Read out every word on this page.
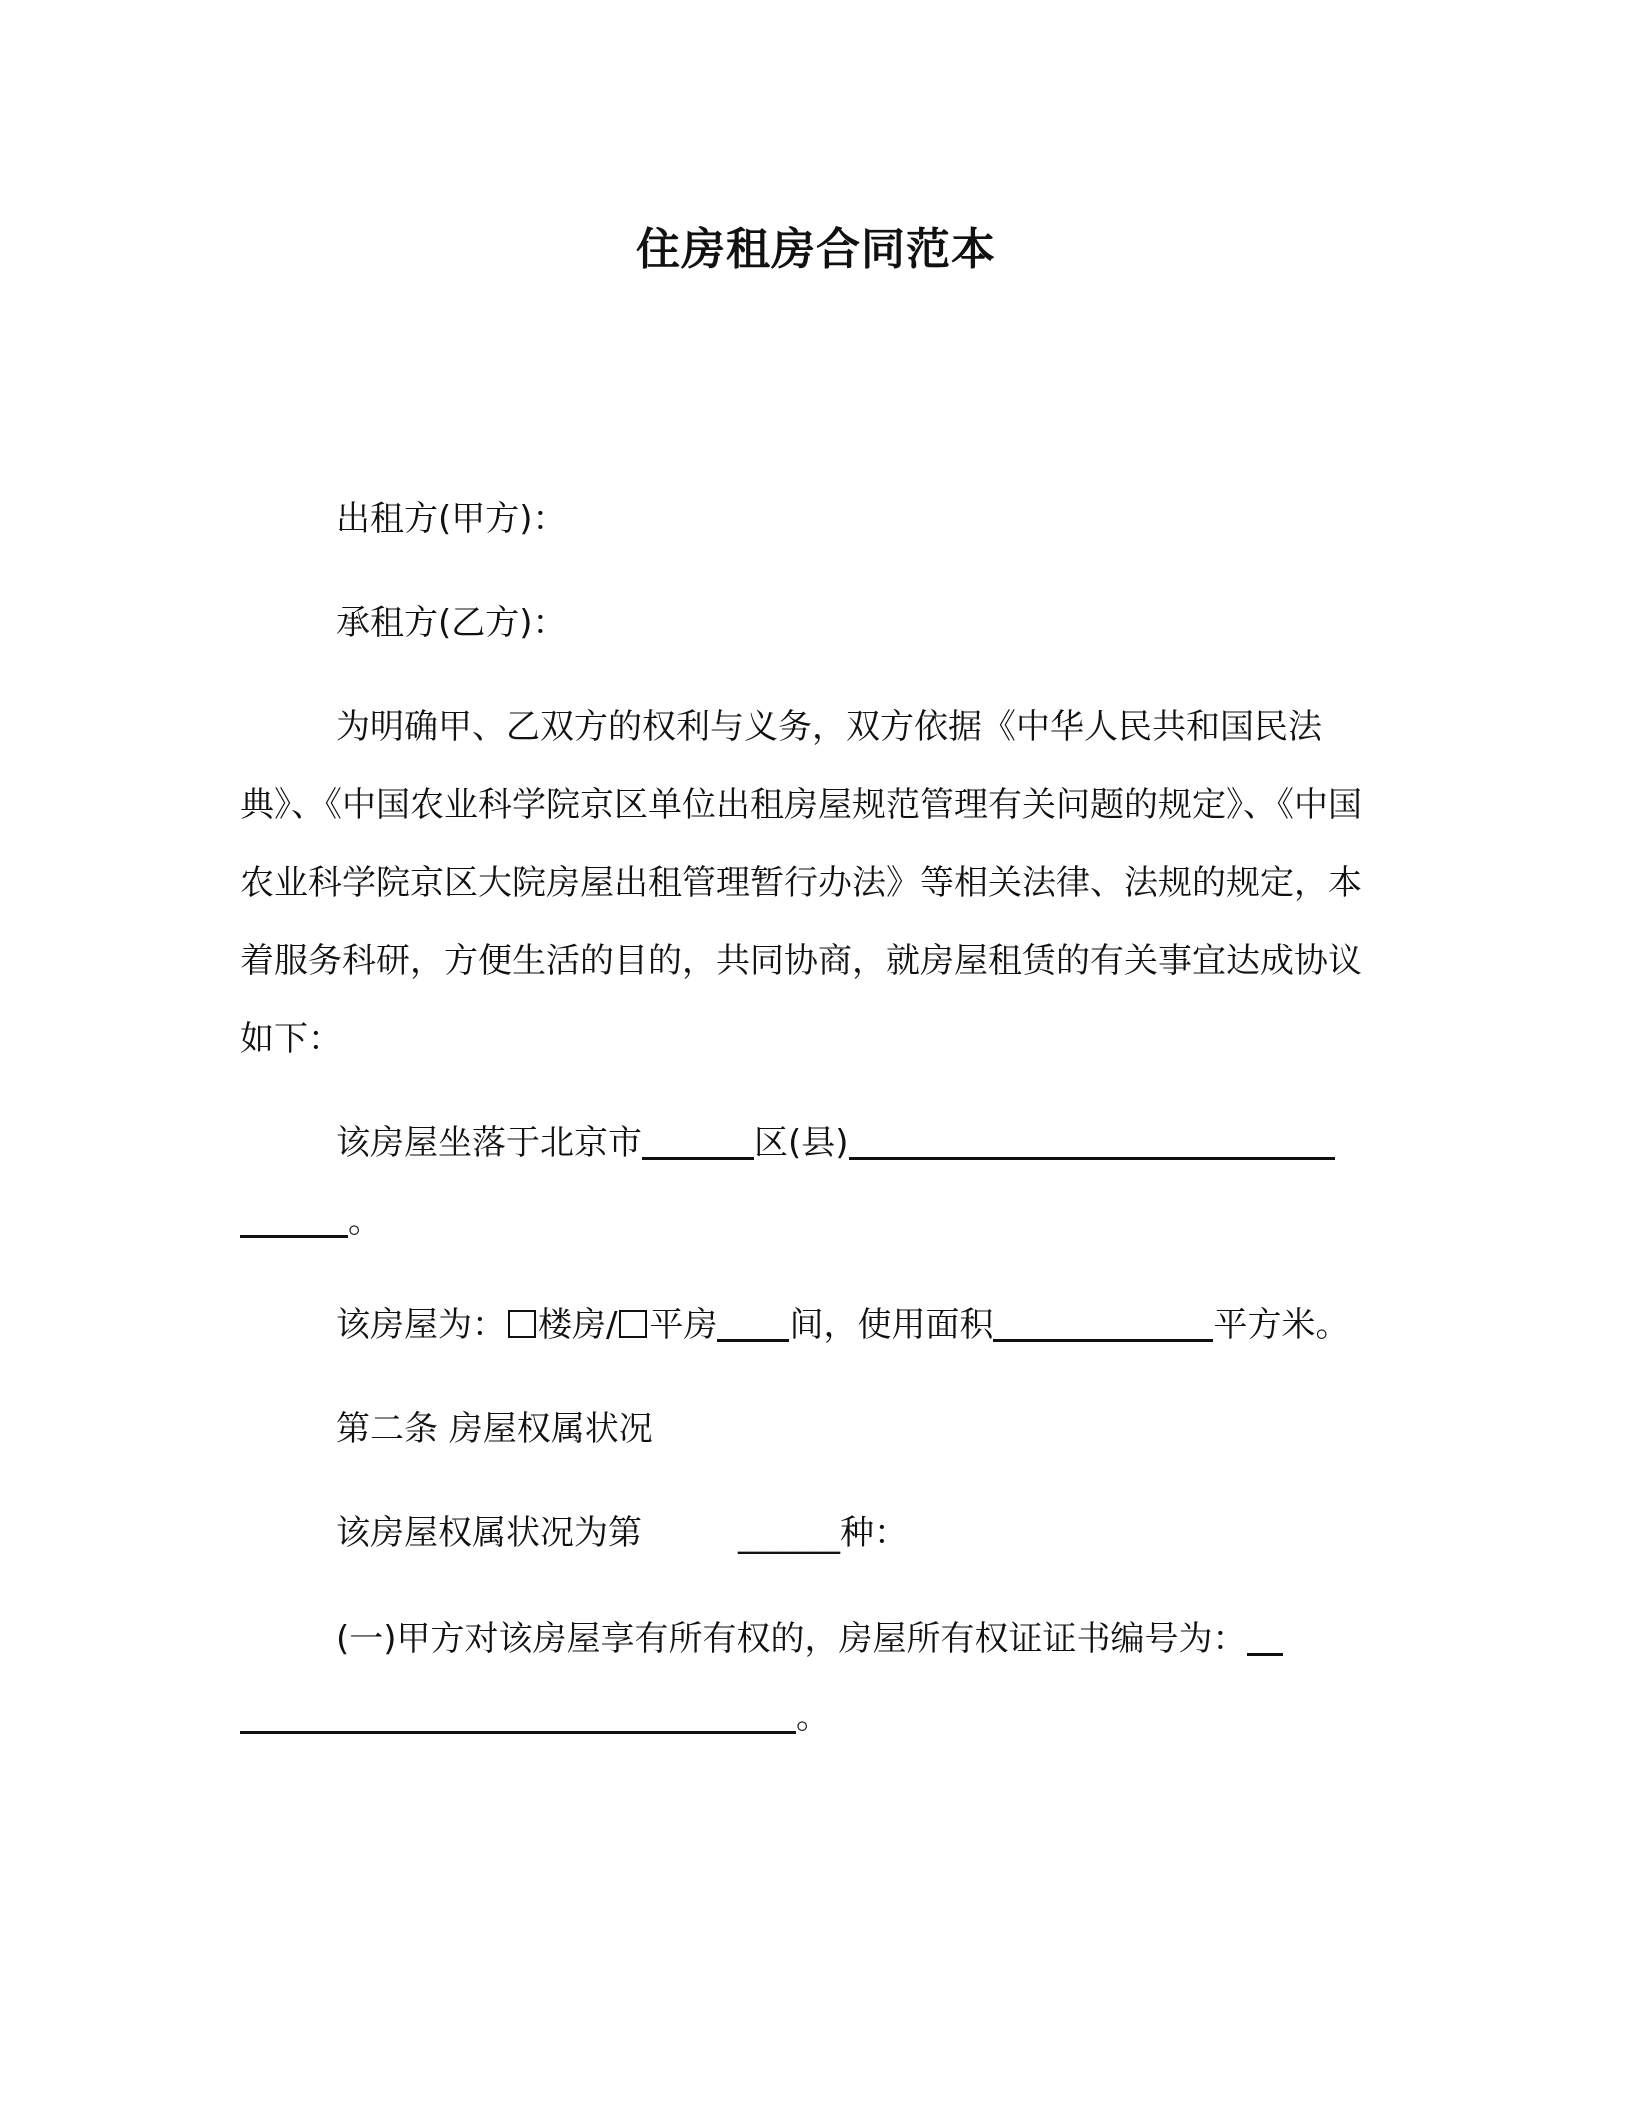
住房租房合同范本

出租方(甲方)：

承租方(乙方)：

为明确甲、乙双方的权利与义务，双方依据《中华人民共和国民法典》、《中国农业科学院京区单位出租房屋规范管理有关问题的规定》、《中国农业科学院京区大院房屋出租管理暂行办法》等相关法律、法规的规定，本着服务科研，方便生活的目的，共同协商，就房屋租赁的有关事宜达成协议如下：

该房屋坐落于北京市	区(县)。

该房屋为： 楼房/ 平房 间，使用面积	平方米。

第二条 房屋权属状况

该房屋权属状况为第	______种：

(一)甲方对该房屋享有所有权的，房屋所有权证证书编号为：。
